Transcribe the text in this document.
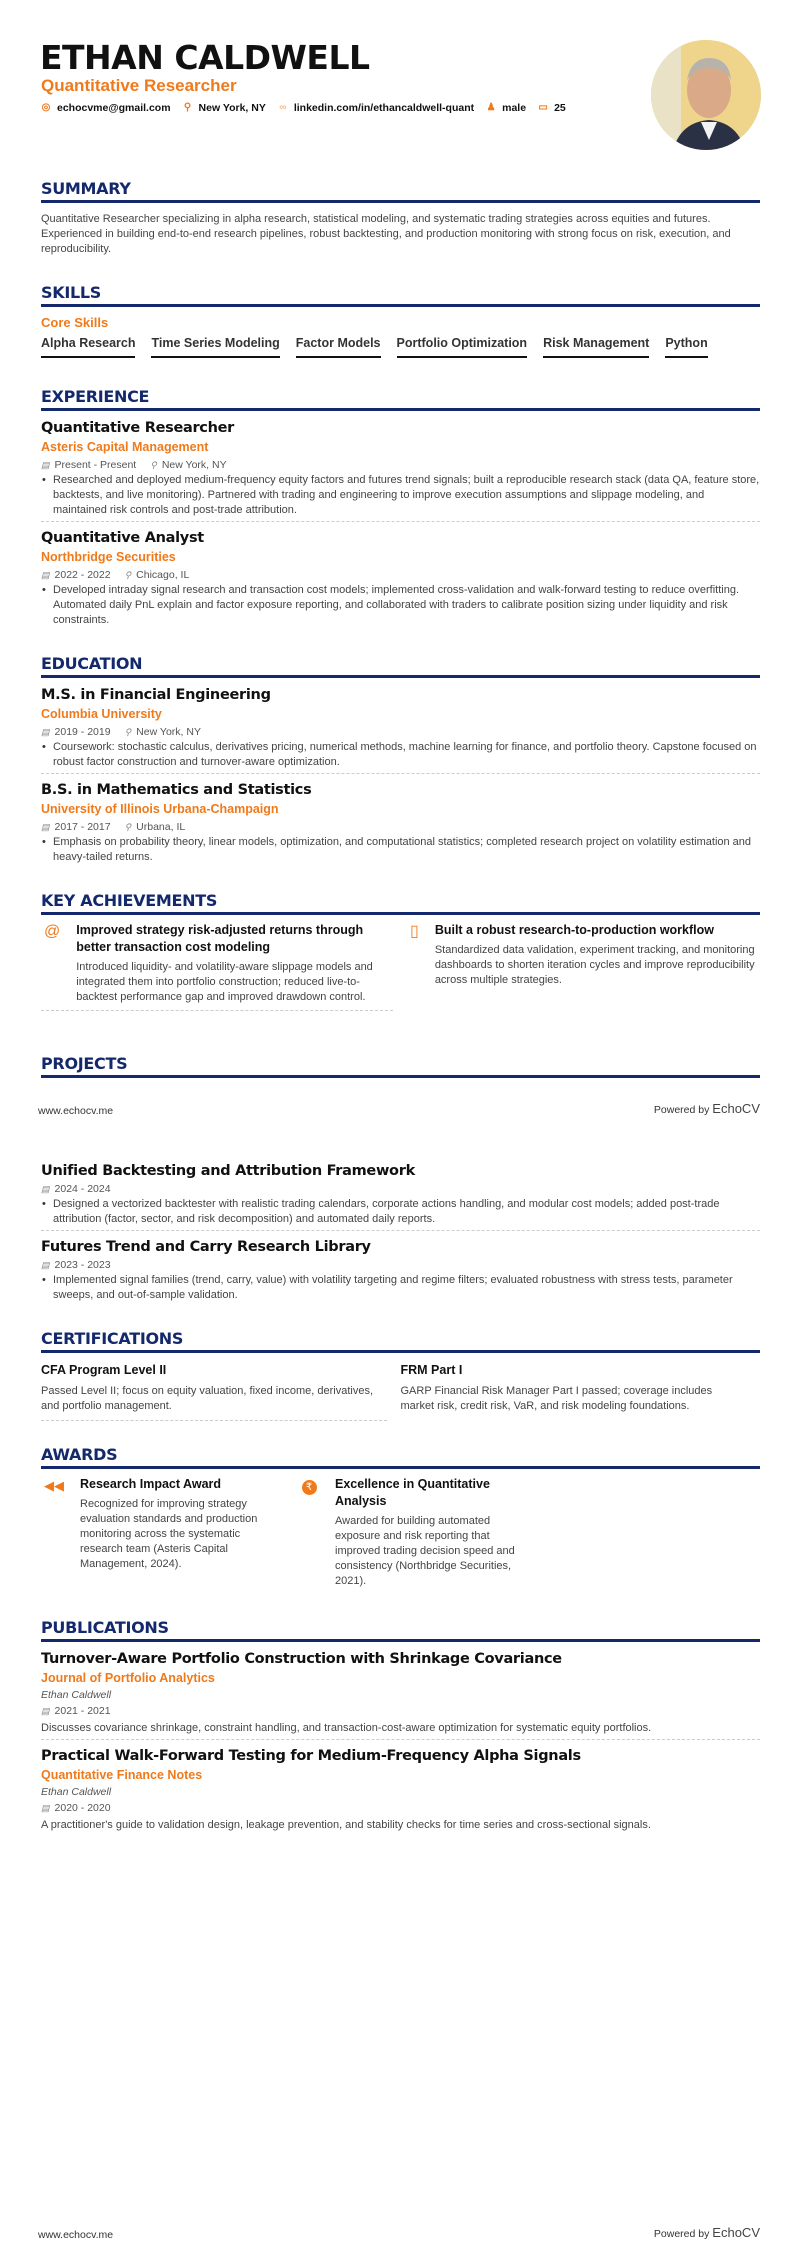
ETHAN CALDWELL
Quantitative Researcher
◎ echocvme@gmail.com ⚲ New York, NY ∞ linkedin.com/in/ethancaldwell-quant ♟ male ▭ 25
SUMMARY
Quantitative Researcher specializing in alpha research, statistical modeling, and systematic trading strategies across equities and futures. Experienced in building end-to-end research pipelines, robust backtesting, and production monitoring with strong focus on risk, execution, and reproducibility.
SKILLS
Core Skills
Alpha Research Time Series Modeling Factor Models Portfolio Optimization Risk Management Python
EXPERIENCE
Quantitative Researcher
Asteris Capital Management
▤ Present - Present ⚲ New York, NY
• Researched and deployed medium-frequency equity factors and futures trend signals; built a reproducible research stack (data QA, feature store, backtests, and live monitoring). Partnered with trading and engineering to improve execution assumptions and slippage modeling, and maintained risk controls and post-trade attribution.
Quantitative Analyst
Northbridge Securities
▤ 2022 - 2022 ⚲ Chicago, IL
• Developed intraday signal research and transaction cost models; implemented cross-validation and walk-forward testing to reduce overfitting. Automated daily PnL explain and factor exposure reporting, and collaborated with traders to calibrate position sizing under liquidity and risk constraints.
EDUCATION
M.S. in Financial Engineering
Columbia University
▤ 2019 - 2019 ⚲ New York, NY
• Coursework: stochastic calculus, derivatives pricing, numerical methods, machine learning for finance, and portfolio theory. Capstone focused on robust factor construction and turnover-aware optimization.
B.S. in Mathematics and Statistics
University of Illinois Urbana-Champaign
▤ 2017 - 2017 ⚲ Urbana, IL
• Emphasis on probability theory, linear models, optimization, and computational statistics; completed research project on volatility estimation and heavy-tailed returns.
KEY ACHIEVEMENTS
@ Improved strategy risk-adjusted returns through better transaction cost modeling
Introduced liquidity- and volatility-aware slippage models and integrated them into portfolio construction; reduced live-to-backtest performance gap and improved drawdown control.
▯ Built a robust research-to-production workflow
Standardized data validation, experiment tracking, and monitoring dashboards to shorten iteration cycles and improve reproducibility across multiple strategies.
PROJECTS
www.echocv.me	Powered by EchoCV
Unified Backtesting and Attribution Framework
▤ 2024 - 2024
• Designed a vectorized backtester with realistic trading calendars, corporate actions handling, and modular cost models; added post-trade attribution (factor, sector, and risk decomposition) and automated daily reports.
Futures Trend and Carry Research Library
▤ 2023 - 2023
• Implemented signal families (trend, carry, value) with volatility targeting and regime filters; evaluated robustness with stress tests, parameter sweeps, and out-of-sample validation.
CERTIFICATIONS
CFA Program Level II
Passed Level II; focus on equity valuation, fixed income, derivatives, and portfolio management.
FRM Part I
GARP Financial Risk Manager Part I passed; coverage includes market risk, credit risk, VaR, and risk modeling foundations.
AWARDS
◀◀ Research Impact Award
Recognized for improving strategy evaluation standards and production monitoring across the systematic research team (Asteris Capital Management, 2024).
₹	Excellence in Quantitative Analysis
Awarded for building automated exposure and risk reporting that improved trading decision speed and consistency (Northbridge Securities, 2021).
PUBLICATIONS
Turnover-Aware Portfolio Construction with Shrinkage Covariance
Journal of Portfolio Analytics
Ethan Caldwell
▤ 2021 - 2021
Discusses covariance shrinkage, constraint handling, and transaction-cost-aware optimization for systematic equity portfolios.
Practical Walk-Forward Testing for Medium-Frequency Alpha Signals
Quantitative Finance Notes
Ethan Caldwell
▤ 2020 - 2020
A practitioner's guide to validation design, leakage prevention, and stability checks for time series and cross-sectional signals.
www.echocv.me	Powered by EchoCV
